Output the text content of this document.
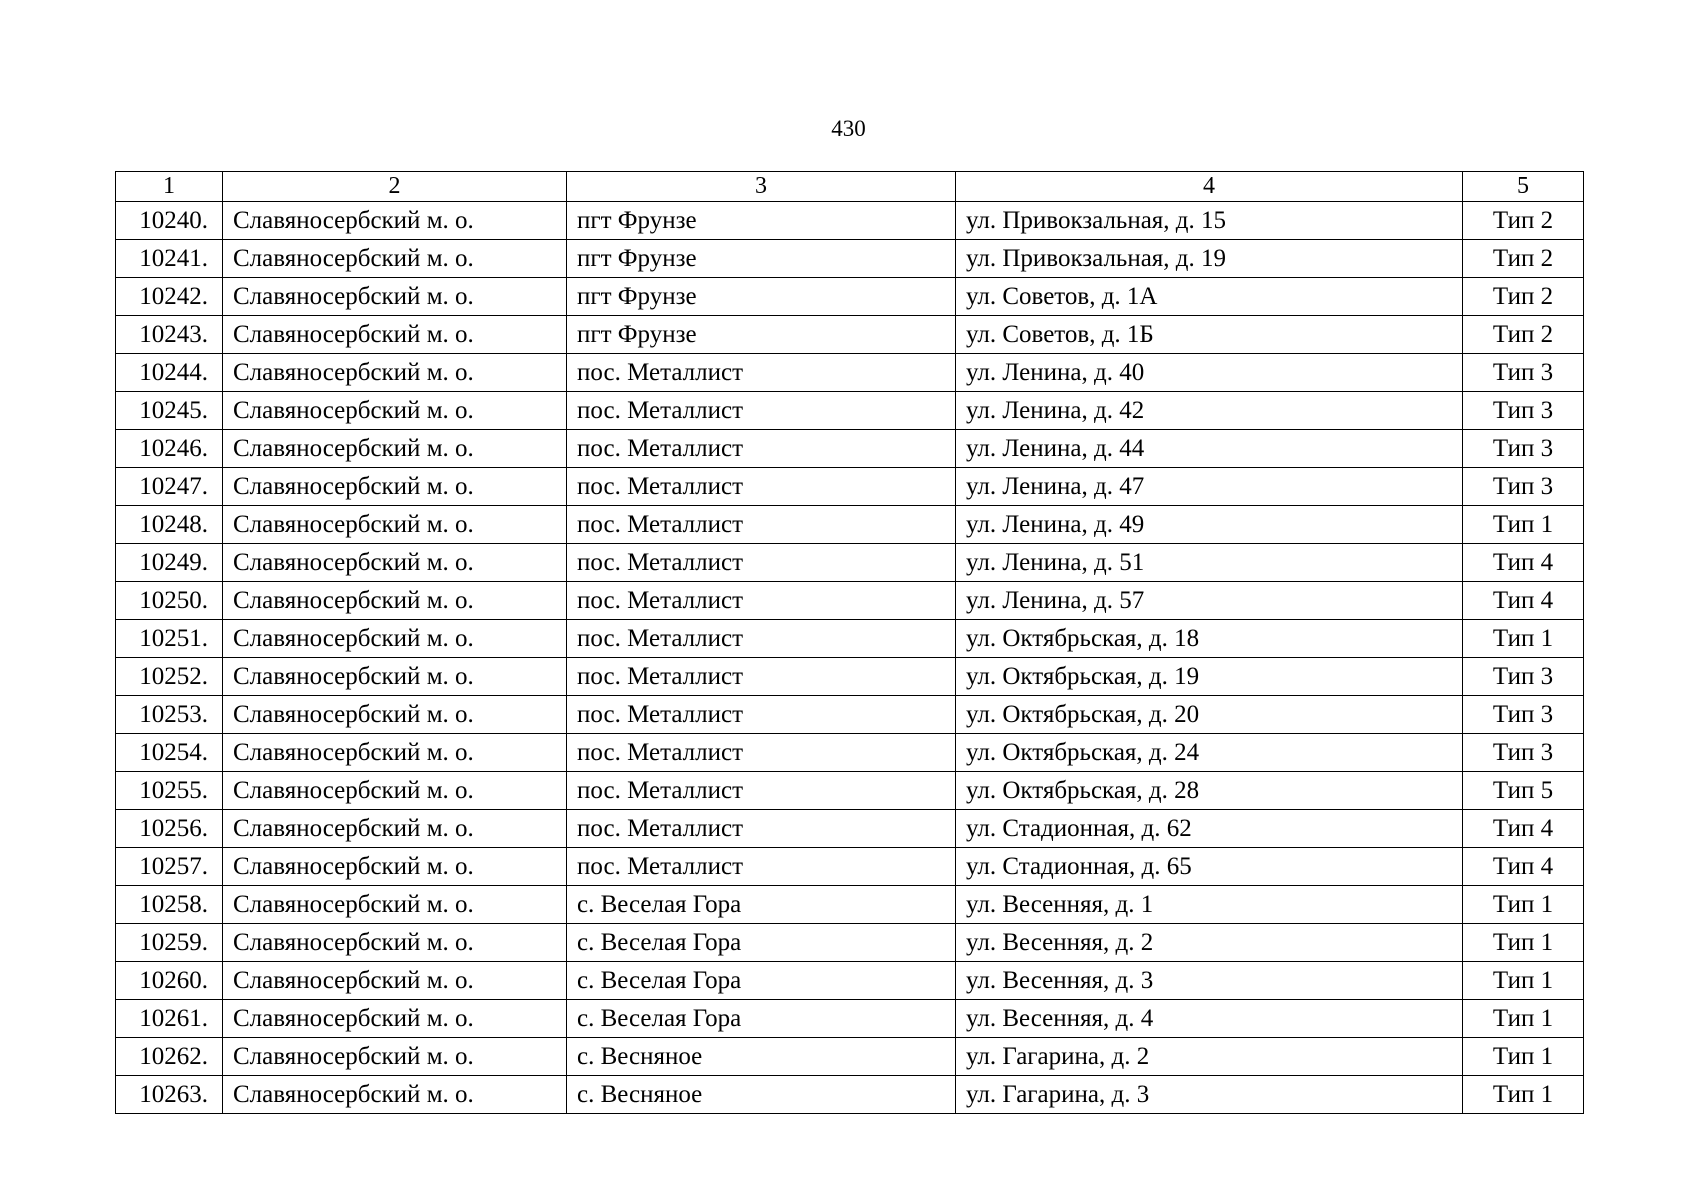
430
1	2	3	4	5
10240.	Славяносербский м. о.	пгт Фрунзе	ул. Привокзальная, д. 15	Тип 2
10241.	Славяносербский м. о.	пгт Фрунзе	ул. Привокзальная, д. 19	Тип 2
10242.	Славяносербский м. о.	пгт Фрунзе	ул. Советов, д. 1А	Тип 2
10243.	Славяносербский м. о.	пгт Фрунзе	ул. Советов, д. 1Б	Тип 2
10244.	Славяносербский м. о.	пос. Металлист	ул. Ленина, д. 40	Тип 3
10245.	Славяносербский м. о.	пос. Металлист	ул. Ленина, д. 42	Тип 3
10246.	Славяносербский м. о.	пос. Металлист	ул. Ленина, д. 44	Тип 3
10247.	Славяносербский м. о.	пос. Металлист	ул. Ленина, д. 47	Тип 3
10248.	Славяносербский м. о.	пос. Металлист	ул. Ленина, д. 49	Тип 1
10249.	Славяносербский м. о.	пос. Металлист	ул. Ленина, д. 51	Тип 4
10250.	Славяносербский м. о.	пос. Металлист	ул. Ленина, д. 57	Тип 4
10251.	Славяносербский м. о.	пос. Металлист	ул. Октябрьская, д. 18	Тип 1
10252.	Славяносербский м. о.	пос. Металлист	ул. Октябрьская, д. 19	Тип 3
10253.	Славяносербский м. о.	пос. Металлист	ул. Октябрьская, д. 20	Тип 3
10254.	Славяносербский м. о.	пос. Металлист	ул. Октябрьская, д. 24	Тип 3
10255.	Славяносербский м. о.	пос. Металлист	ул. Октябрьская, д. 28	Тип 5
10256.	Славяносербский м. о.	пос. Металлист	ул. Стадионная, д. 62	Тип 4
10257.	Славяносербский м. о.	пос. Металлист	ул. Стадионная, д. 65	Тип 4
10258.	Славяносербский м. о.	с. Веселая Гора	ул. Весенняя, д. 1	Тип 1
10259.	Славяносербский м. о.	с. Веселая Гора	ул. Весенняя, д. 2	Тип 1
10260.	Славяносербский м. о.	с. Веселая Гора	ул. Весенняя, д. 3	Тип 1
10261.	Славяносербский м. о.	с. Веселая Гора	ул. Весенняя, д. 4	Тип 1
10262.	Славяносербский м. о.	с. Весняное	ул. Гагарина, д. 2	Тип 1
10263.	Славяносербский м. о.	с. Весняное	ул. Гагарина, д. 3	Тип 1
